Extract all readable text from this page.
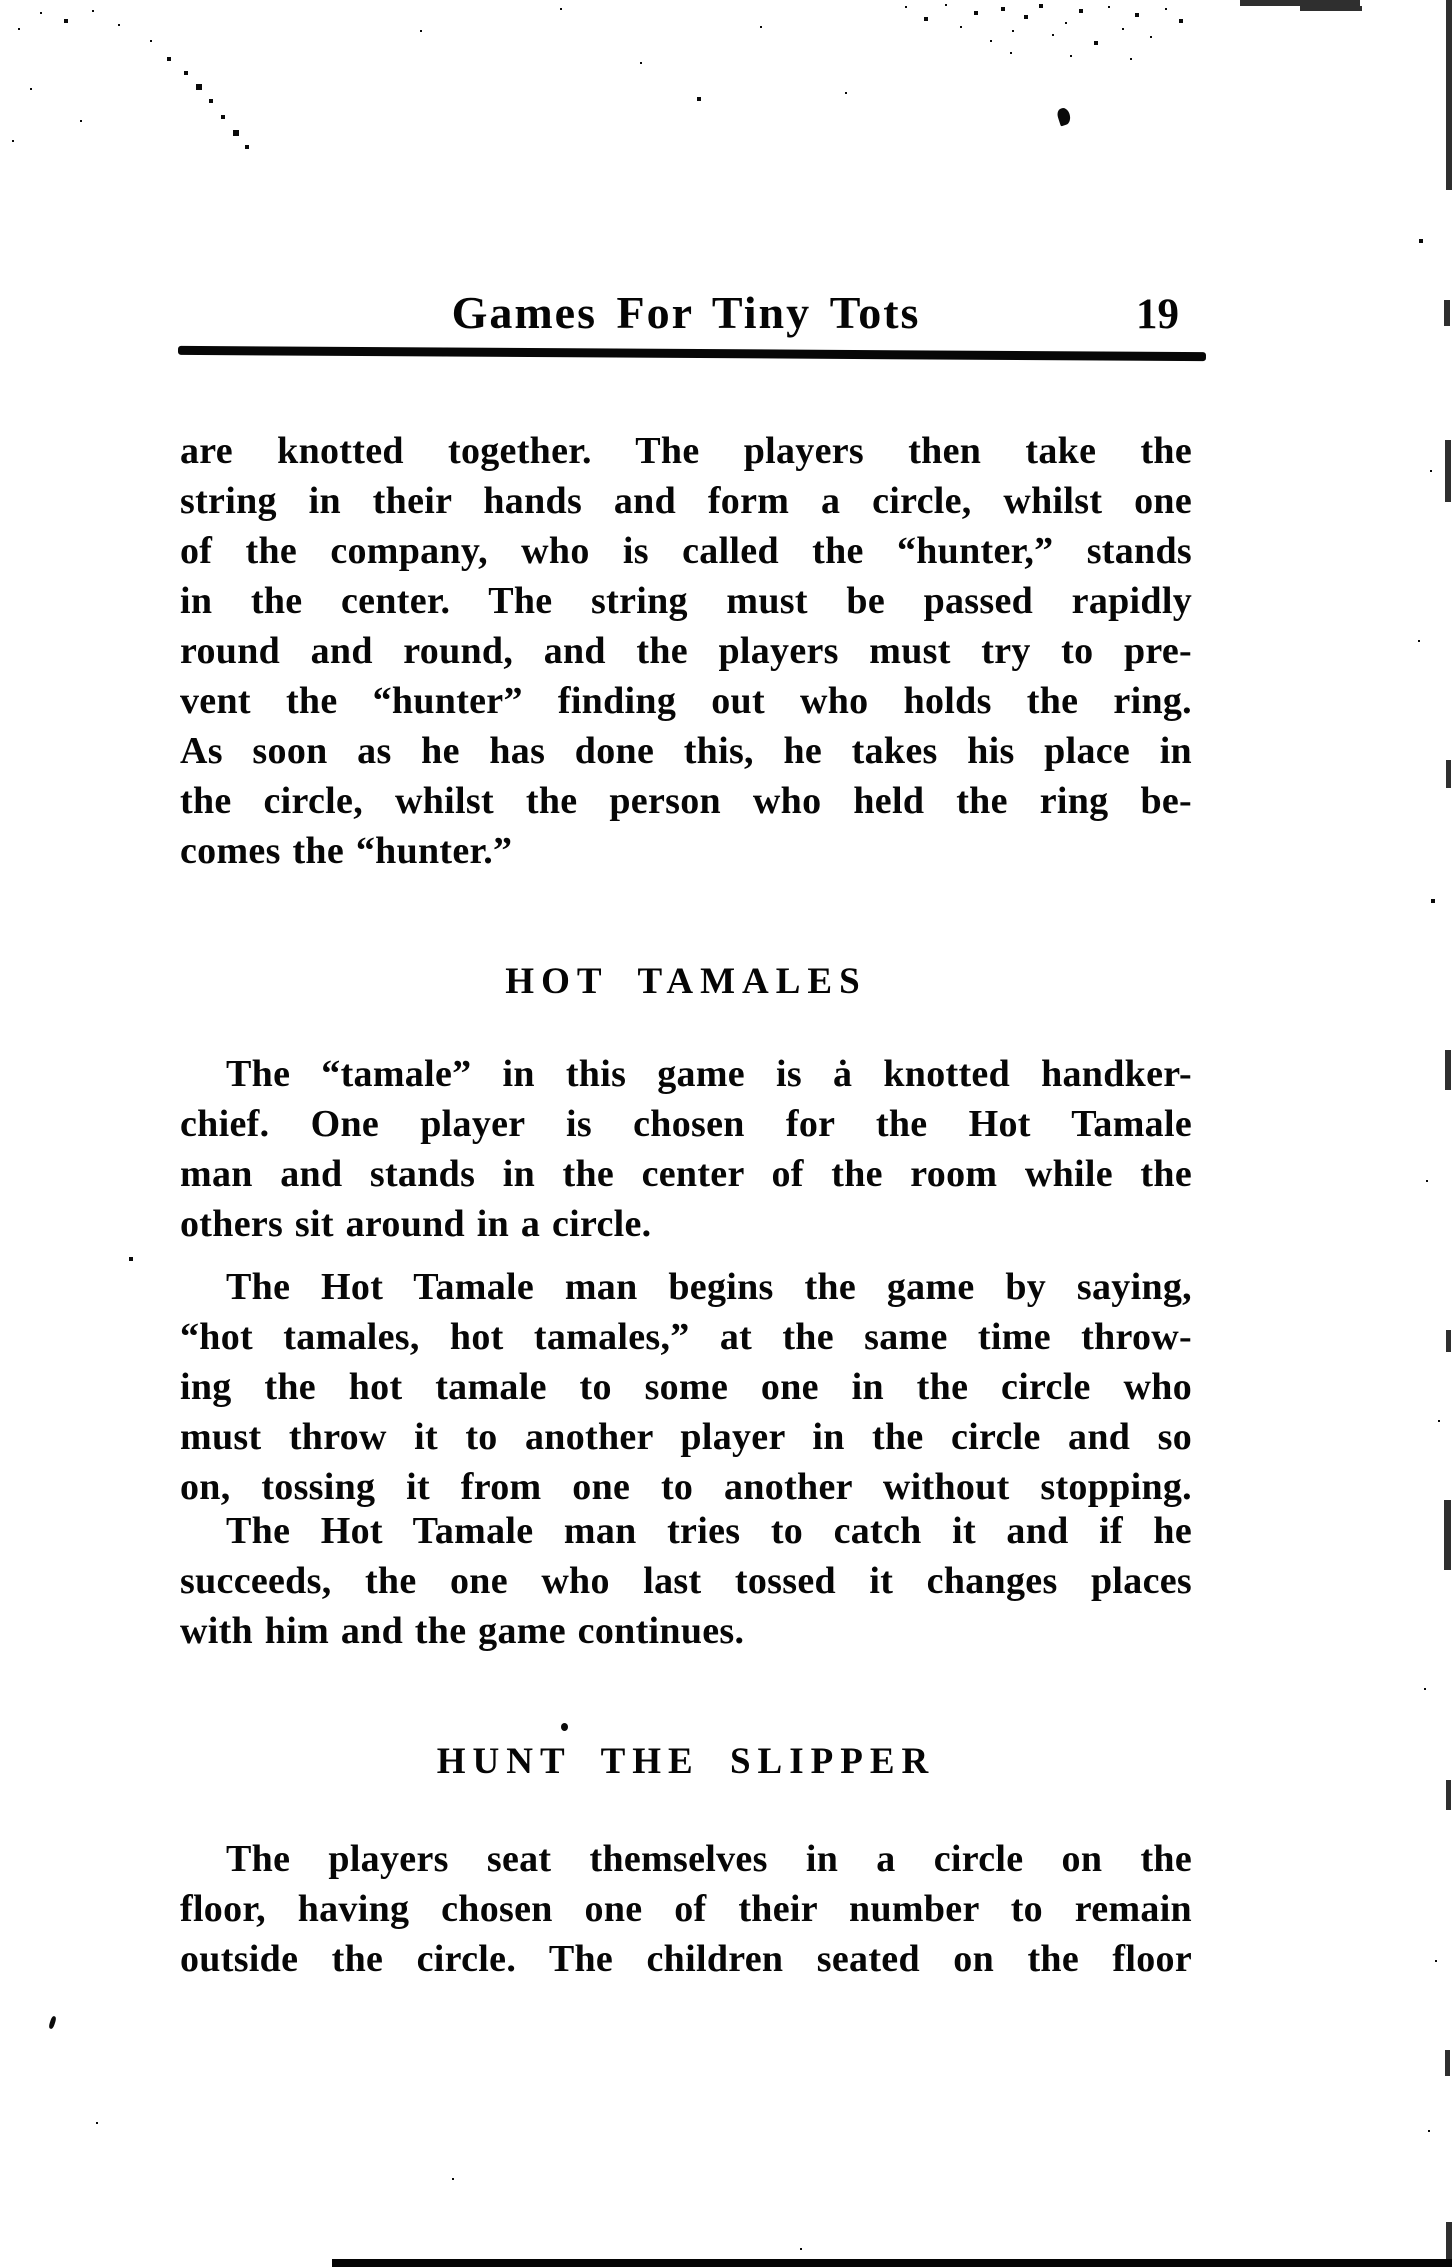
Games For Tiny Tots	19
are knotted together. The players then take the
string in their hands and form a circle, whilst one
of the company, who is called the “hunter,” stands
in the center. The string must be passed rapidly
round and round, and the players must try to pre-
vent the “hunter” finding out who holds the ring.
As soon as he has done this, he takes his place in
the circle, whilst the person who held the ring be-
comes the “hunter.”
HOT TAMALES
The “tamale” in this game is ȧ knotted handker-
chief. One player is chosen for the Hot Tamale
man and stands in the center of the room while the
others sit around in a circle.
The Hot Tamale man begins the game by saying,
“hot tamales, hot tamales,” at the same time throw-
ing the hot tamale to some one in the circle who
must throw it to another player in the circle and so
on, tossing it from one to another without stopping.
The Hot Tamale man tries to catch it and if he
succeeds, the one who last tossed it changes places
with him and the game continues.
HUNT THE SLIPPER
The players seat themselves in a circle on the
floor, having chosen one of their number to remain
outside the circle. The children seated on the floor
